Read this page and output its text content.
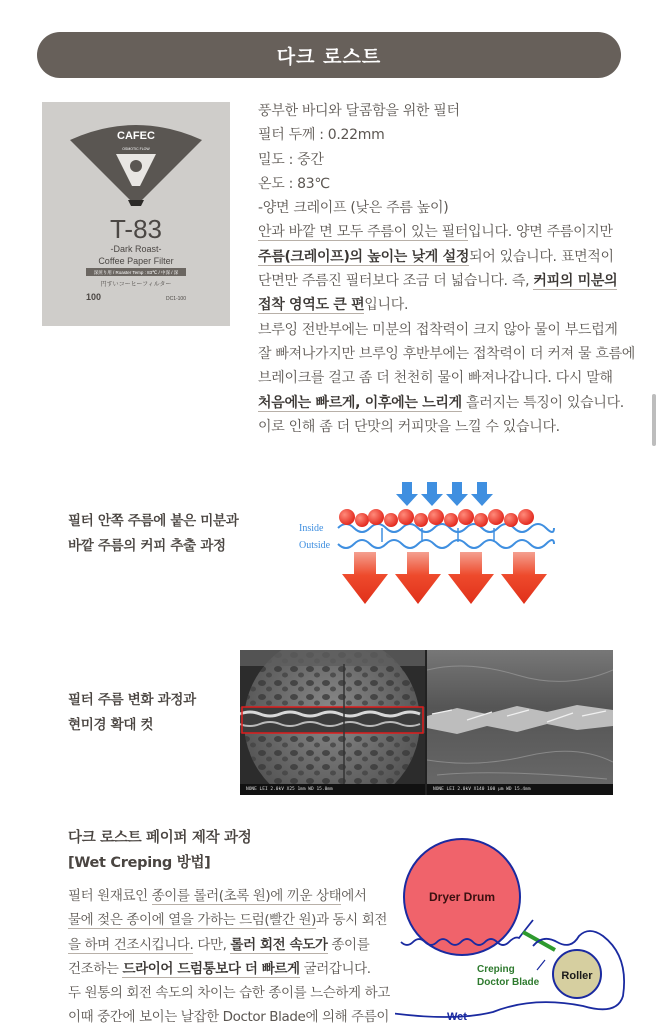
다크 로스트
CAFEC
OSMOTIC FLOW
T-83
-Dark Roast-
Coffee Paper Filter
深煎り用 / Roaster Temp : 83℃ / 中深 / 深
円すいコーヒーフィルター
100	DC1-100

풍부한 바디와 달콤함을 위한 필터

필터 두께 : 0.22mm

밀도 : 중간

온도 : 83℃

-양면 크레이프 (낮은 주름 높이)

안과 바깥 면 모두 주름이 있는 필터입니다. 양면 주름이지만

주름(크레이프)의 높이는 낮게 설정되어 있습니다. 표면적이

단면만 주름진 필터보다 조금 더 넓습니다. 즉, 커피의 미분의

접착 영역도 큰 편입니다.

브루잉 전반부에는 미분의 접착력이 크지 않아 물이 부드럽게

잘 빠져나가지만 브루잉 후반부에는 접착력이 더 커져 물 흐름에

브레이크를 걸고 좀 더 천천히 물이 빠져나갑니다. 다시 말해

처음에는 빠르게, 이후에는 느리게 흘러지는 특징이 있습니다.

이로 인해 좀 더 단맛의 커피맛을 느낄 수 있습니다.

필터 안쪽 주름에 붙은 미분과

바깥 주름의 커피 추출 과정

Inside
Outside

필터 주름 변화 과정과

현미경 확대 컷

NONE LEI 2.0kV X25 1mm WD 15.0mm	NONE LEI 2.0kV X140 100 μm WD 15.4mm

다크 로스트 페이퍼 제작 과정

[Wet Creping 방법]

필터 원재료인 종이를 롤러(초록 원)에 끼운 상태에서

물에 젖은 종이에 열을 가하는 드럼(빨간 원)과 동시 회전

을 하며 건조시킵니다. 다만, 롤러 회전 속도가 종이를

건조하는 드라이어 드럼통보다 더 빠르게 굴러갑니다.

두 원통의 회전 속도의 차이는 습한 종이를 느슨하게 하고

이때 중간에 보이는 날잡한 Doctor Blade에 의해 주름이

Dryer Drum
Roller
Creping
Doctor Blade
Wet
